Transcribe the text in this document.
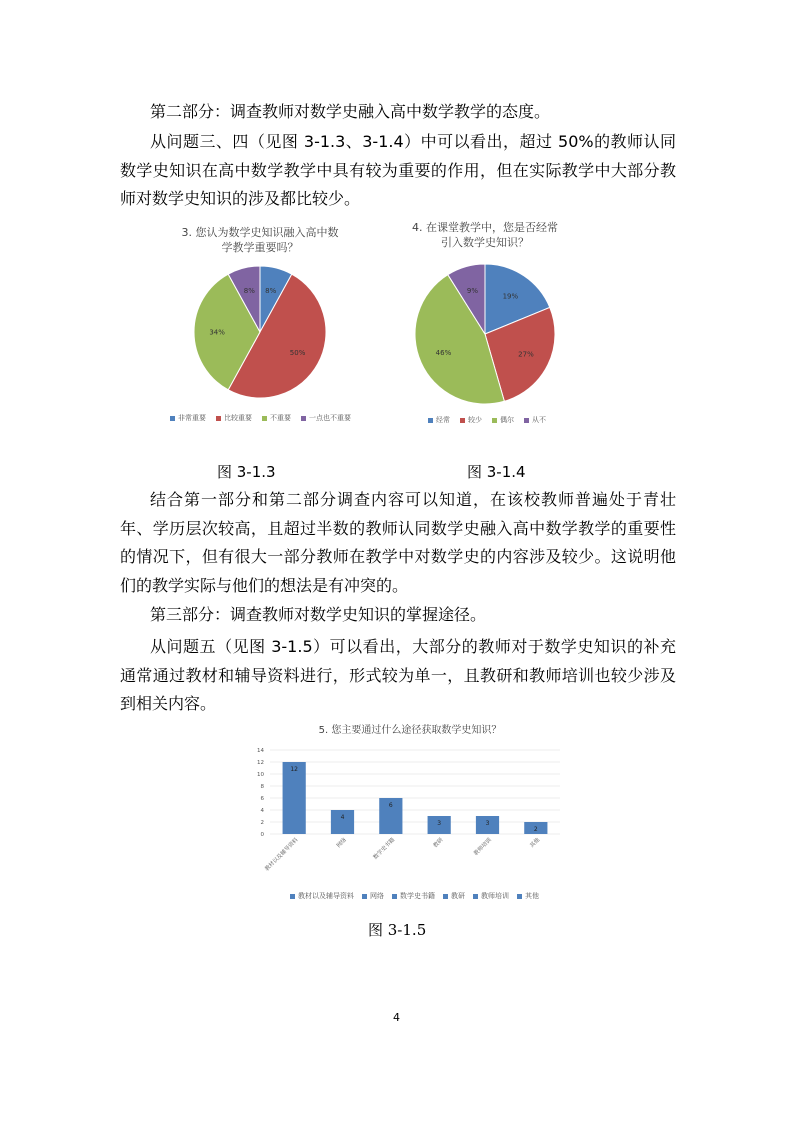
第二部分：调查教师对数学史融入高中数学教学的态度。
从问题三、四（见图 3-1.3、3-1.4）中可以看出，超过 50%的教师认同数学史知识在高中数学教学中具有较为重要的作用，但在实际教学中大部分教师对数学史知识的涉及都比较少。
3. 您认为数学史知识融入高中数学教学重要吗？
8%
50%
34%
8%
非常重要	比较重要	不重要	一点也不重要
4. 在课堂教学中，您是否经常引入数学史知识？
19%
27%
46%
9%
经常	较少	偶尔	从不
图 3-1.3	图 3-1.4
结合第一部分和第二部分调查内容可以知道，在该校教师普遍处于青壮年、学历层次较高，且超过半数的教师认同数学史融入高中数学教学的重要性的情况下，但有很大一部分教师在教学中对数学史的内容涉及较少。这说明他们的教学实际与他们的想法是有冲突的。
第三部分：调查教师对数学史知识的掌握途径。
从问题五（见图 3-1.5）可以看出，大部分的教师对于数学史知识的补充通常通过教材和辅导资料进行，形式较为单一，且教研和教师培训也较少涉及到相关内容。
5. 您主要通过什么途径获取数学史知识？
0
2
4
6
8
10
12
14
12
教材以及辅导资料
4
网络
6
数学史书籍
3
教研
3
教师培训
2
其他
教材以及辅导资料 网络 数学史书籍 教研 教师培训 其他
图 3-1.5
4
